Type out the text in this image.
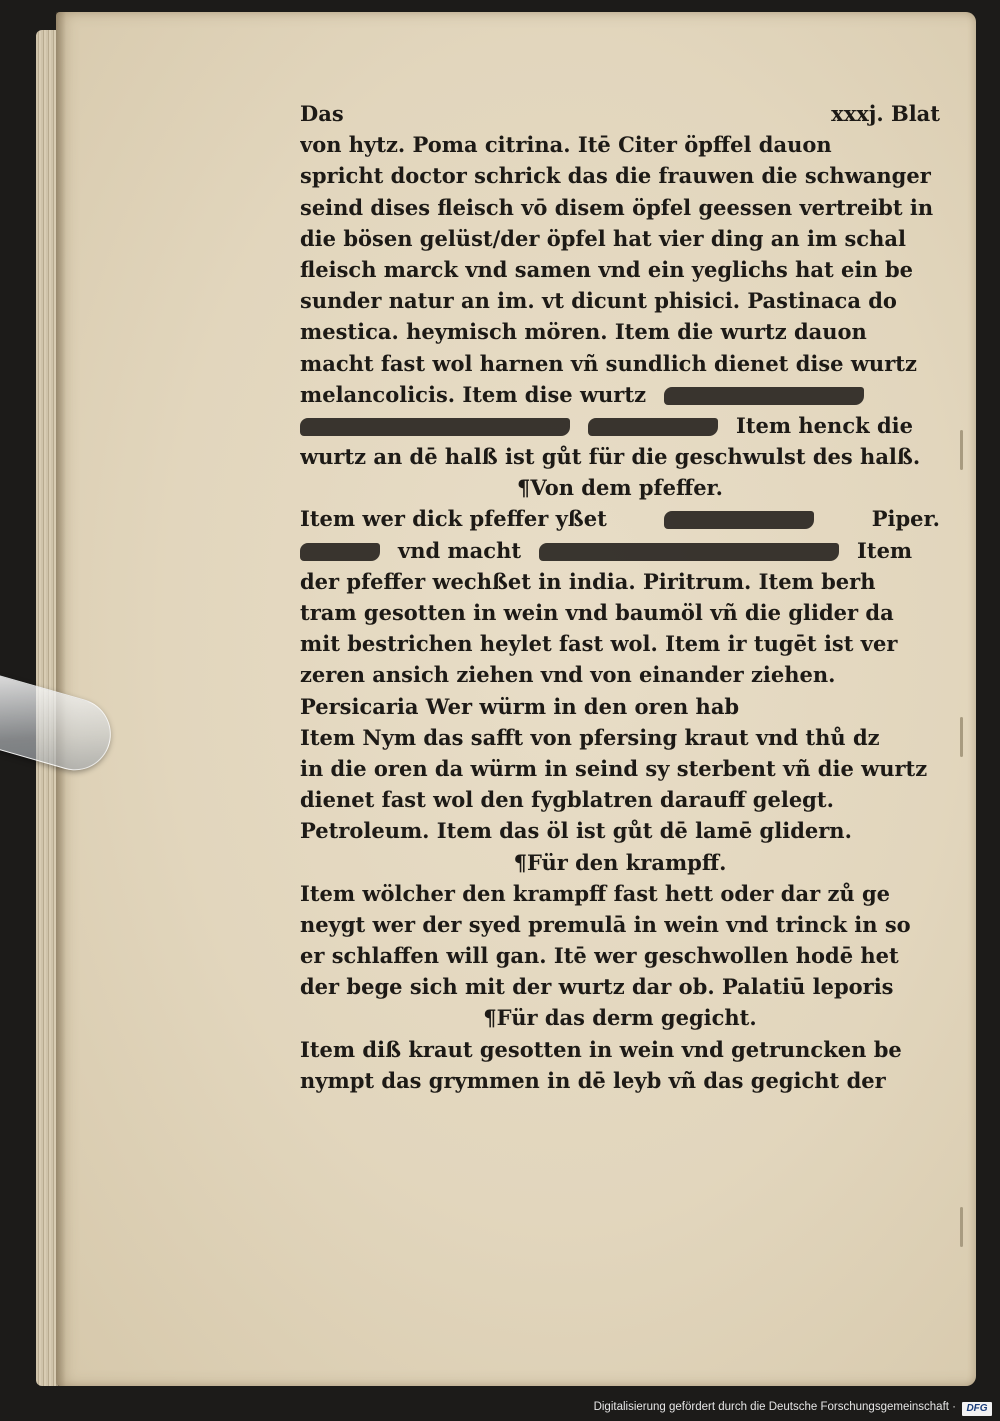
Das	xxxj. Blat
von hytz. Poma citrina. Itē Citer öpffel dauon
spricht doctor schrick das die frauwen die schwanger
seind dises fleisch vō disem öpfel geessen vertreibt in
die bösen gelüst/der öpfel hat vier ding an im schal
fleisch marck vnd samen vnd ein yeglichs hat ein be
sunder natur an im. vt dicunt phisici. Pastinaca do
mestica. heymisch mören. Item die wurtz dauon
macht fast wol harnen vñ sundlich dienet dise wurtz
melancolicis. Item dise wurtz
Item henck die
wurtz an dē halß ist gůt für die geschwulst des halß.
¶Von dem pfeffer.
Item wer dick pfeffer yßet	Piper.
vnd macht	Item
der pfeffer wechßet in india. Piritrum. Item berh
tram gesotten in wein vnd baumöl vñ die glider da
mit bestrichen heylet fast wol. Item ir tugēt ist ver
zeren ansich ziehen vnd von einander ziehen.
Persicaria Wer würm in den oren hab
Item Nym das safft von pfersing kraut vnd thů dz
in die oren da würm in seind sy sterbent vñ die wurtz
dienet fast wol den fygblatren darauff gelegt.
Petroleum. Item das öl ist gůt dē lamē glidern.
¶Für den krampff.
Item wölcher den krampff fast hett oder dar zů ge
neygt wer der syed premulā in wein vnd trinck in so
er schlaffen will gan. Itē wer geschwollen hodē het
der bege sich mit der wurtz dar ob. Palatiū leporis
¶Für das derm gegicht.
Item diß kraut gesotten in wein vnd getruncken be
nympt das grymmen in dē leyb vñ das gegicht der
Digitalisierung gefördert durch die Deutsche Forschungsgemeinschaft ·	DFG
